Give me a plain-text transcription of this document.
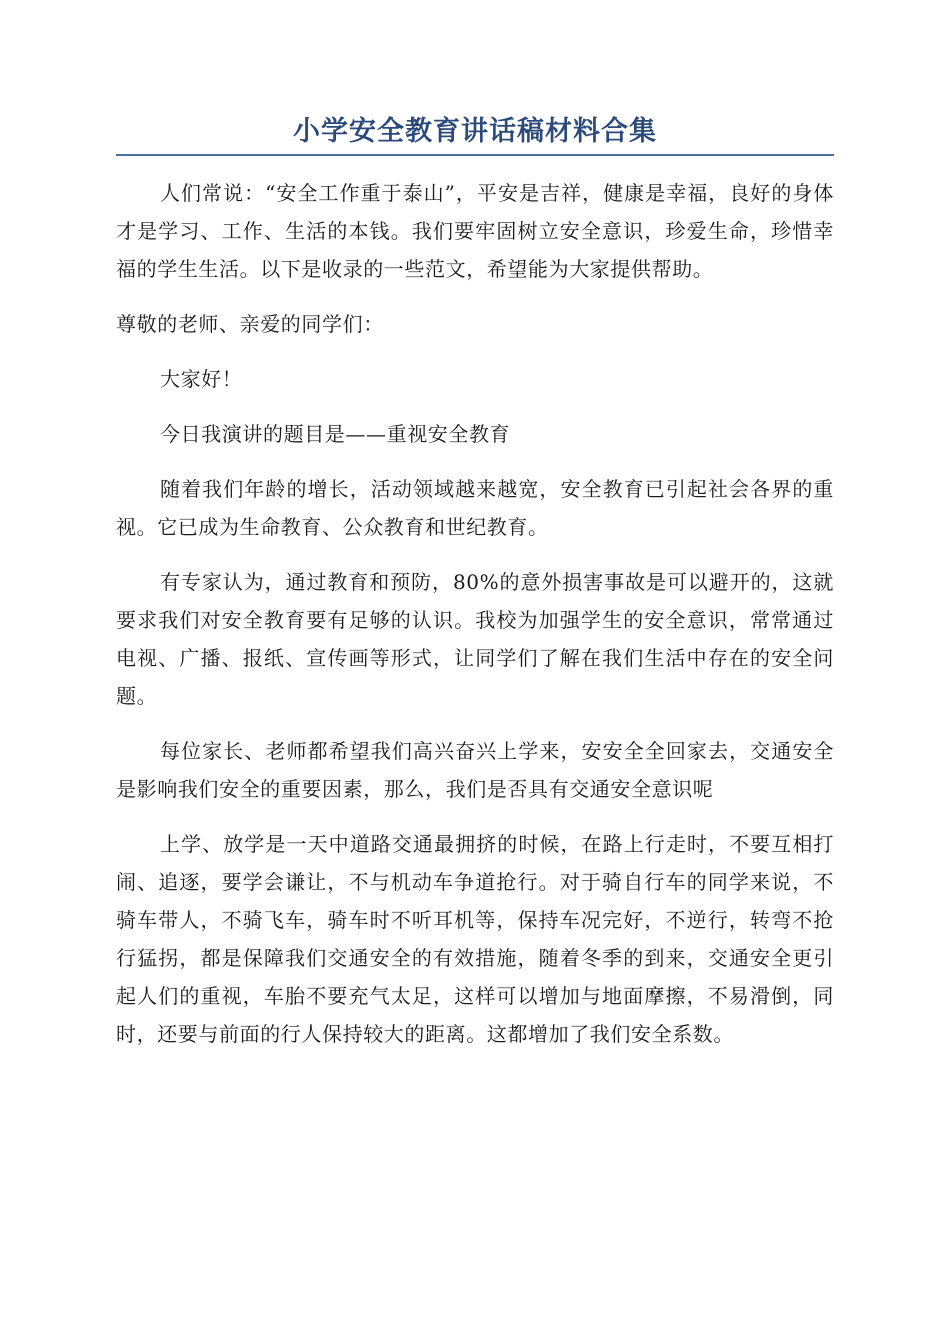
小学安全教育讲话稿材料合集

人们常说：“安全工作重于泰山”，平安是吉祥，健康是幸福，良好的身体才是学习、工作、生活的本钱。我们要牢固树立安全意识，珍爱生命，珍惜幸福的学生生活。以下是收录的一些范文，希望能为大家提供帮助。

尊敬的老师、亲爱的同学们：

大家好！

今日我演讲的题目是——重视安全教育

随着我们年龄的增长，活动领域越来越宽，安全教育已引起社会各界的重视。它已成为生命教育、公众教育和世纪教育。

有专家认为，通过教育和预防，80%的意外损害事故是可以避开的，这就要求我们对安全教育要有足够的认识。我校为加强学生的安全意识，常常通过电视、广播、报纸、宣传画等形式，让同学们了解在我们生活中存在的安全问题。

每位家长、老师都希望我们高兴奋兴上学来，安安全全回家去，交通安全是影响我们安全的重要因素，那么，我们是否具有交通安全意识呢

上学、放学是一天中道路交通最拥挤的时候，在路上行走时，不要互相打闹、追逐，要学会谦让，不与机动车争道抢行。对于骑自行车的同学来说，不骑车带人，不骑飞车，骑车时不听耳机等，保持车况完好，不逆行，转弯不抢行猛拐，都是保障我们交通安全的有效措施，随着冬季的到来，交通安全更引起人们的重视，车胎不要充气太足，这样可以增加与地面摩擦，不易滑倒，同时，还要与前面的行人保持较大的距离。这都增加了我们安全系数。
